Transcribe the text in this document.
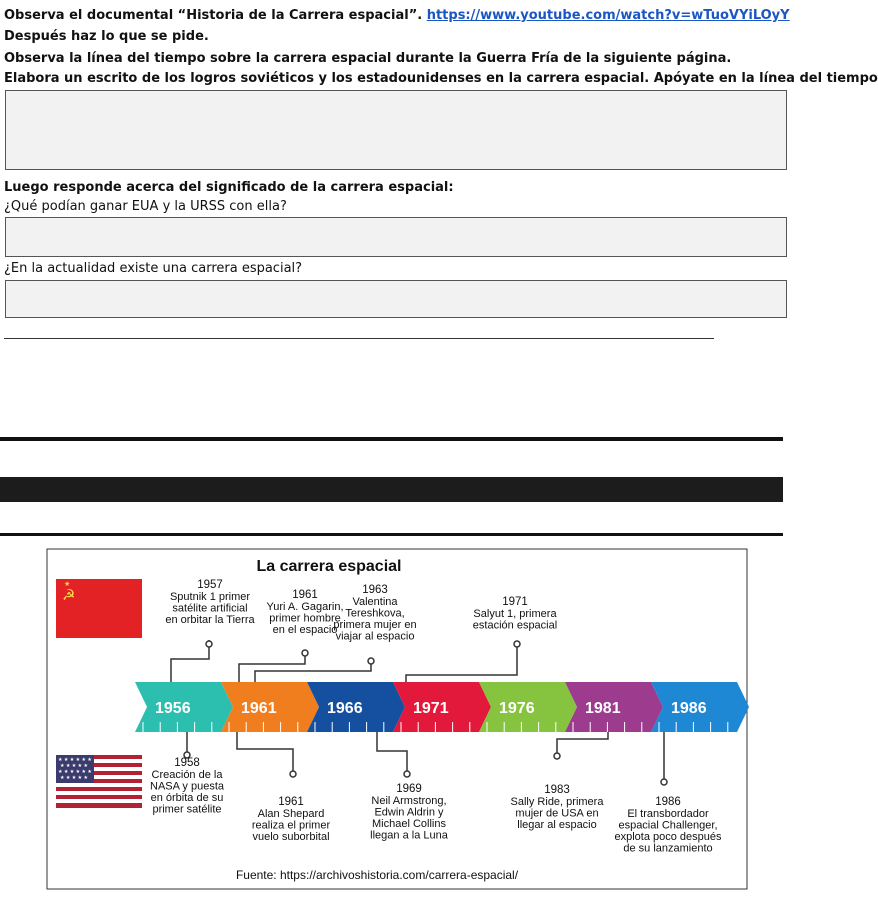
Observa el documental “Historia de la Carrera espacial”. https://www.youtube.com/watch?v=wTuoVYiLOyY
Después haz lo que se pide.
Observa la línea del tiempo sobre la carrera espacial durante la Guerra Fría de la siguiente página.
Elabora un escrito de los logros soviéticos y los estadounidenses en la carrera espacial. Apóyate en la línea del tiempo
Luego responde acerca del significado de la carrera espacial:
¿Qué podían ganar EUA y la URSS con ella?
¿En la actualidad existe una carrera espacial?
La carrera espacial
☭
★
★ ★ ★ ★ ★ ★
★ ★ ★ ★ ★
★ ★ ★ ★ ★ ★
★ ★ ★ ★ ★
1956	1961	1966	1971	1976	1981	1986
1957
Sputnik 1 primer
satélite artificial
en orbitar la Tierra
1961
Yuri A. Gagarin,
primer hombre
en el espacio
1963
Valentina
Tereshkova,
primera mujer en
viajar al espacio
1971
Salyut 1, primera
estación espacial
1958
Creación de la
NASA y puesta
en órbita de su
primer satélite
1961
Alan Shepard
realiza el primer
vuelo suborbital
1969
Neil Armstrong,
Edwin Aldrin y
Michael Collins
llegan a la Luna
1983
Sally Ride, primera
mujer de USA en
llegar al espacio
1986
El transbordador
espacial Challenger,
explota poco después
de su lanzamiento
Fuente: https://archivoshistoria.com/carrera-espacial/
